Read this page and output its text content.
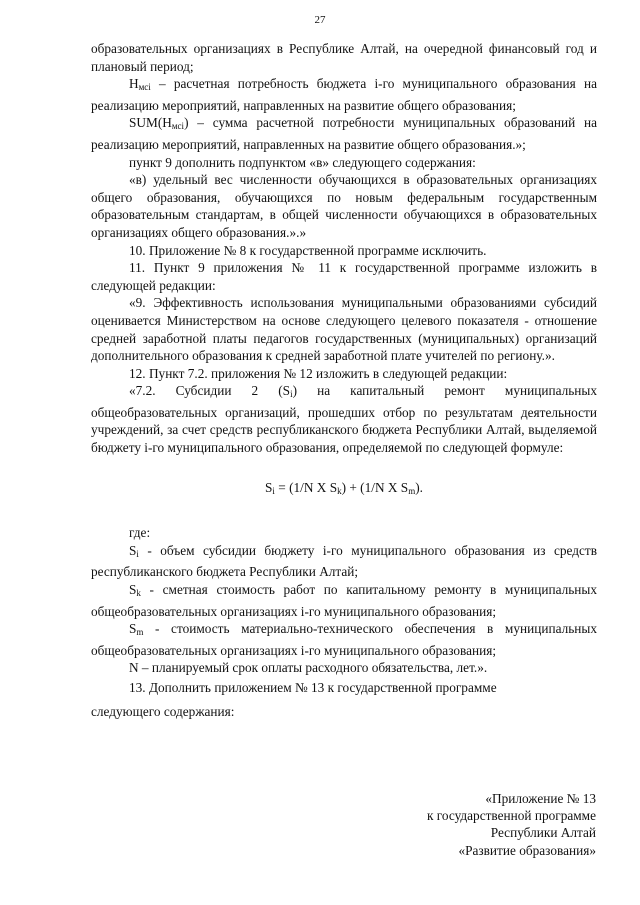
27

образовательных организациях в Республике Алтай, на очередной финансовый год и плановый период;

$Н_{мсi}$ – расчетная потребность бюджета i-го муниципального образования на реализацию мероприятий, направленных на развитие общего образования;

$SUM(Н_{мсi})$ – сумма расчетной потребности муниципальных образований на реализацию мероприятий, направленных на развитие общего образования.»;

пункт 9 дополнить подпунктом «в» следующего содержания:

«в) удельный вес численности обучающихся в образовательных организациях общего образования, обучающихся по новым федеральным государственным образовательным стандартам, в общей численности обучающихся в образовательных организациях общего образования.».»

10. Приложение № 8 к государственной программе исключить.

11. Пункт 9 приложения № 11 к государственной программе изложить в следующей редакции:

«9. Эффективность использования муниципальными образованиями субсидий оценивается Министерством на основе следующего целевого показателя - отношение средней заработной платы педагогов государственных (муниципальных) организаций дополнительного образования к средней заработной плате учителей по региону.».

12. Пункт 7.2. приложения № 12 изложить в следующей редакции:

«7.2. Субсидии 2 $(S_i)$ на капитальный ремонт муниципальных общеобразовательных организаций, прошедших отбор по результатам деятельности учреждений, за счет средств республиканского бюджета Республики Алтай, выделяемой бюджету i-го муниципального образования, определяемой по следующей формуле:

$S_i = (1/N$ X $S_k) + (1/N$ X $S_m$).

где:

$S_i$ - объем субсидии бюджету i-го муниципального образования из средств республиканского бюджета Республики Алтай;

$S_k$ - сметная стоимость работ по капитальному ремонту в муниципальных общеобразовательных организациях i-го муниципального образования;

$S_m$ - стоимость материально-технического обеспечения в муниципальных общеобразовательных организациях i-го муниципального образования;

N – планируемый срок оплаты расходного обязательства, лет.».

13. Дополнить приложением № 13 к государственной программе

следующего содержания:

«Приложение № 13
к государственной программе
Республики Алтай
«Развитие образования»
